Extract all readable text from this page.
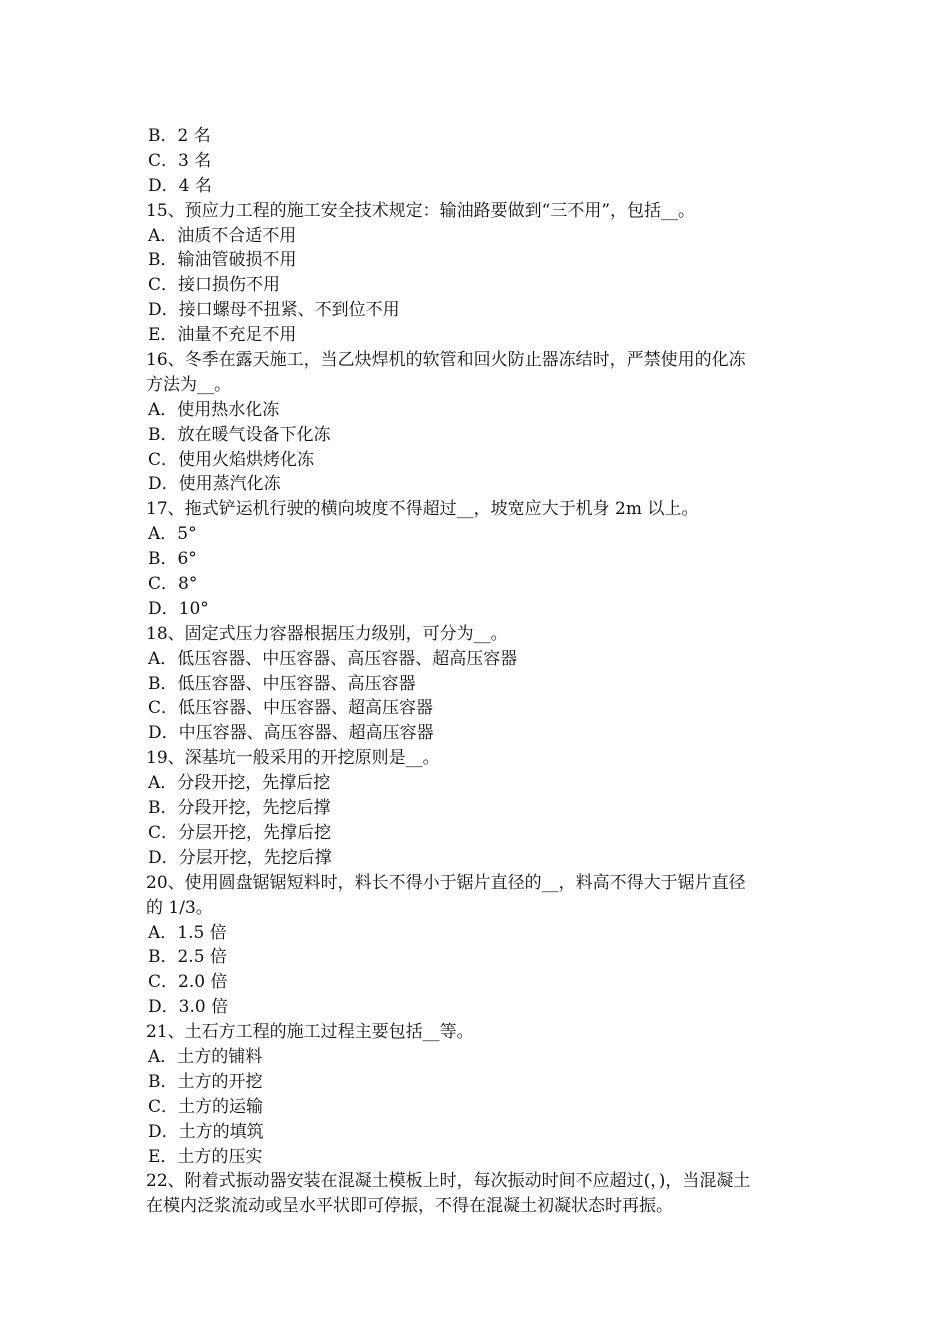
B．2 名
C．3 名
D．4 名
15、预应力工程的施工安全技术规定：输油路要做到“三不用”，包括__。
A．油质不合适不用
B．输油管破损不用
C．接口损伤不用
D．接口螺母不扭紧、不到位不用
E．油量不充足不用
16、冬季在露天施工，当乙炔焊机的软管和回火防止器冻结时，严禁使用的化冻
方法为__。
A．使用热水化冻
B．放在暖气设备下化冻
C．使用火焰烘烤化冻
D．使用蒸汽化冻
17、拖式铲运机行驶的横向坡度不得超过__，坡宽应大于机身 2m 以上。
A．5°
B．6°
C．8°
D．10°
18、固定式压力容器根据压力级别，可分为__。
A．低压容器、中压容器、高压容器、超高压容器
B．低压容器、中压容器、高压容器
C．低压容器、中压容器、超高压容器
D．中压容器、高压容器、超高压容器
19、深基坑一般采用的开挖原则是__。
A．分段开挖，先撑后挖
B．分段开挖，先挖后撑
C．分层开挖，先撑后挖
D．分层开挖，先挖后撑
20、使用圆盘锯锯短料时，料长不得小于锯片直径的__，料高不得大于锯片直径
的 1/3。
A．1.5 倍
B．2.5 倍
C．2.0 倍
D．3.0 倍
21、土石方工程的施工过程主要包括__等。
A．土方的铺料
B．土方的开挖
C．土方的运输
D．土方的填筑
E．土方的压实
22、附着式振动器安装在混凝土模板上时，每次振动时间不应超过(，)，当混凝土
在模内泛浆流动或呈水平状即可停振，不得在混凝土初凝状态时再振。
